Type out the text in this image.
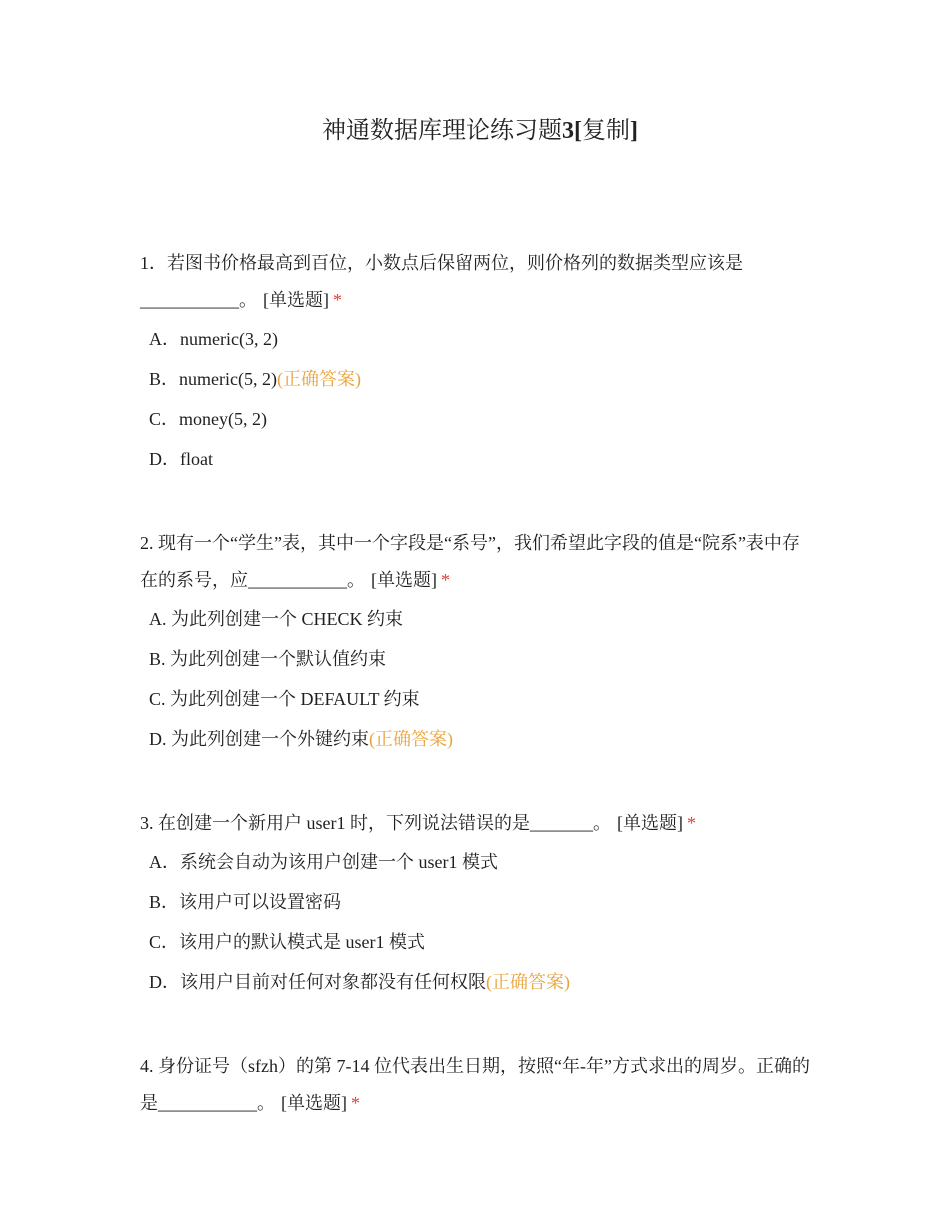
神通数据库理论练习题3[复制]

1．若图书价格最高到百位，小数点后保留两位，则价格列的数据类型应该是___________。 [单选题] *

A．numeric(3, 2)
B．numeric(5, 2)(正确答案)
C．money(5, 2)
D．float

2. 现有一个“学生”表，其中一个字段是“系号”，我们希望此字段的值是“院系”表中存在的系号，应___________。 [单选题] *

A. 为此列创建一个 CHECK 约束
B. 为此列创建一个默认值约束
C. 为此列创建一个 DEFAULT 约束
D. 为此列创建一个外键约束(正确答案)

3. 在创建一个新用户 user1 时，下列说法错误的是_______。 [单选题] *

A．系统会自动为该用户创建一个 user1 模式
B．该用户可以设置密码
C．该用户的默认模式是 user1 模式
D．该用户目前对任何对象都没有任何权限(正确答案)

4. 身份证号（sfzh）的第 7-14 位代表出生日期，按照“年-年”方式求出的周岁。正确的是___________。 [单选题] *
